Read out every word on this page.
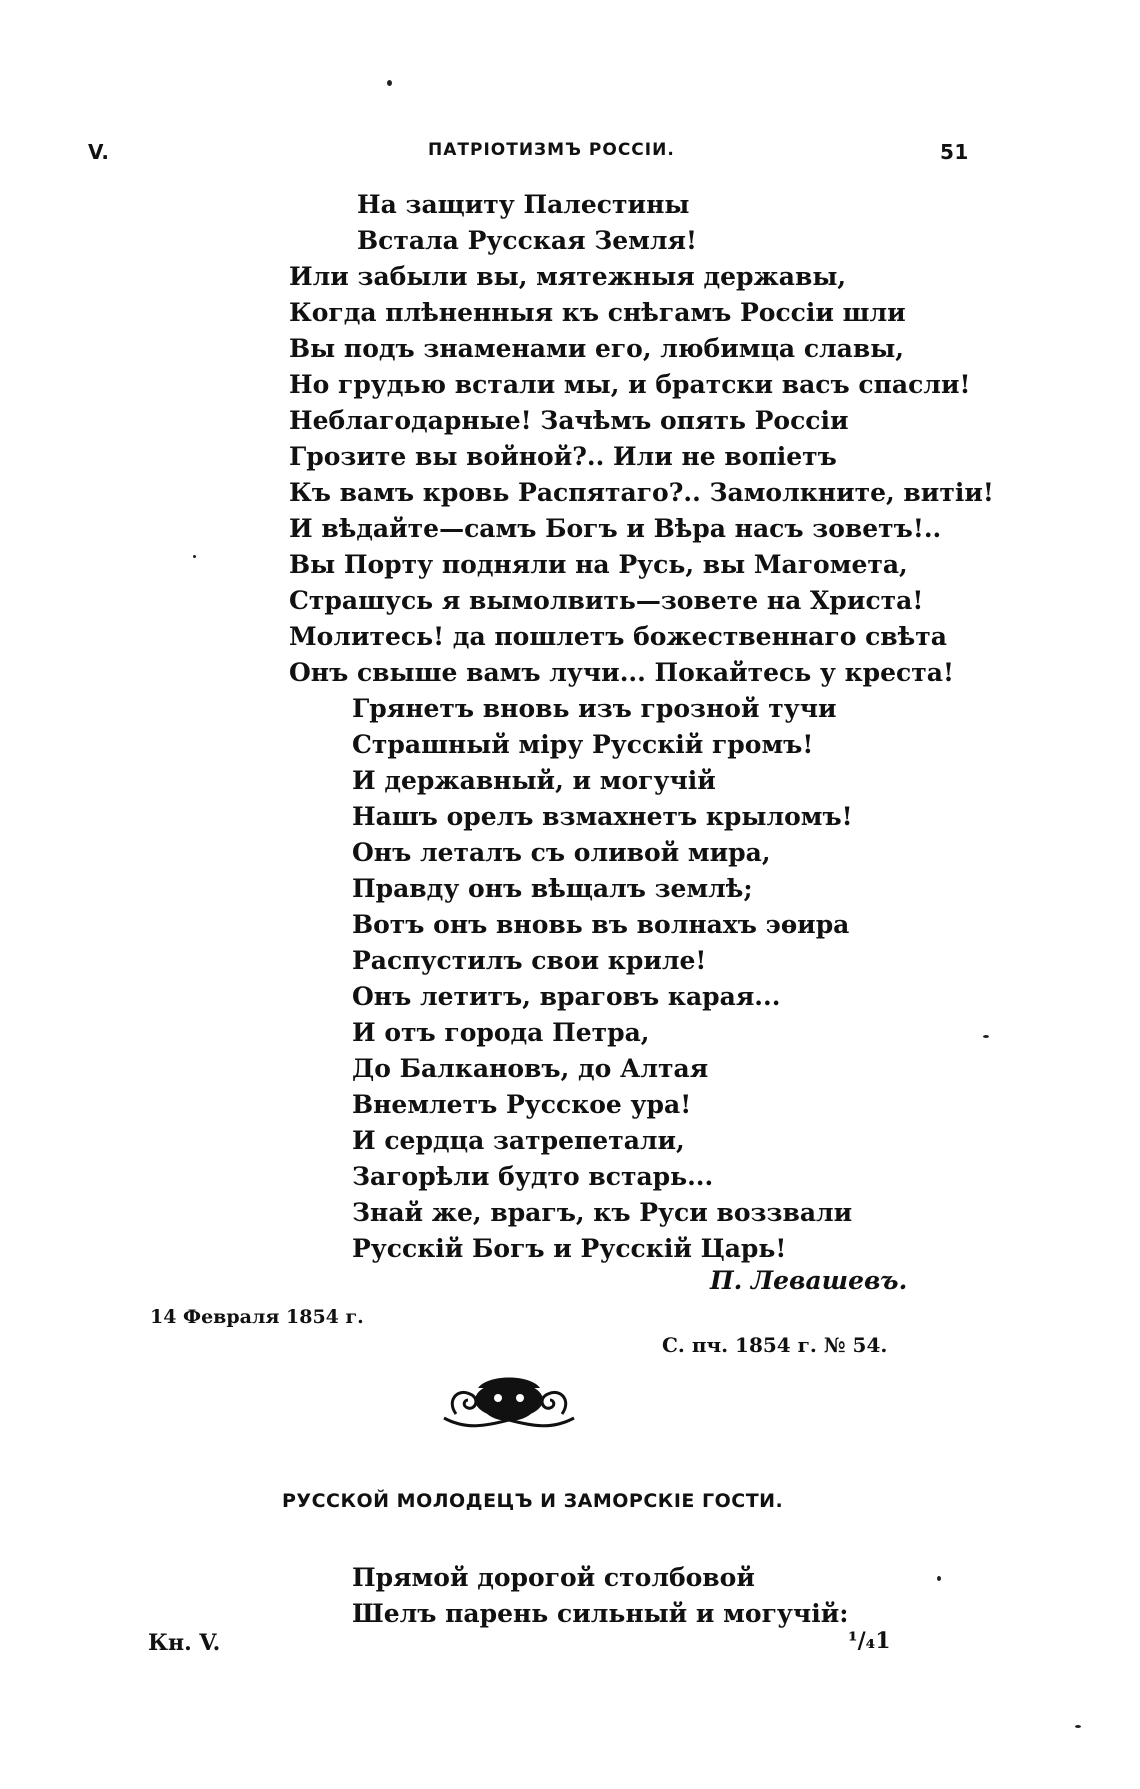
V.	ПАТРIОТИЗМЪ РОССIИ.	51
На защиту Палестины
Встала Русская Земля!
Или забыли вы, мятежныя державы,
Когда плѣненныя къ снѣгамъ Россiи шли
Вы подъ знаменами его, любимца славы,
Но грудью встали мы, и братски васъ спасли!
Неблагодарные! Зачѣмъ опять Россiи
Грозите вы войной?.. Или не вопiетъ
Къ вамъ кровь Распятаго?.. Замолкните, витiи!
И вѣдайте—самъ Богъ и Вѣра насъ зоветъ!..
Вы Порту подняли на Русь, вы Магомета,
Страшусь я вымолвить—зовете на Христа!
Молитесь! да пошлетъ божественнаго свѣта
Онъ свыше вамъ лучи... Покайтесь у креста!
Грянетъ вновь изъ грозной тучи
Страшный мiру Русскiй громъ!
И державный, и могучiй
Нашъ орелъ взмахнетъ крыломъ!
Онъ леталъ съ оливой мира,
Правду онъ вѣщалъ землѣ;
Вотъ онъ вновь въ волнахъ эѳира
Распустилъ свои криле!
Онъ летитъ, враговъ карая...
И отъ города Петра,
До Балкановъ, до Алтая
Внемлетъ Русское ура!
И сердца затрепетали,
Загорѣли будто встарь...
Знай же, врагъ, къ Руси воззвали
Русскiй Богъ и Русскiй Царь!
П. Левашевъ.
14 Февраля 1854 г.
С. пч. 1854 г. № 54.
РУССКОЙ МОЛОДЕЦЪ И ЗАМОРСКIЕ ГОСТИ.
Прямой дорогой столбовой
Шелъ парень сильный и могучiй:
Кн. V.	¹/₄1
